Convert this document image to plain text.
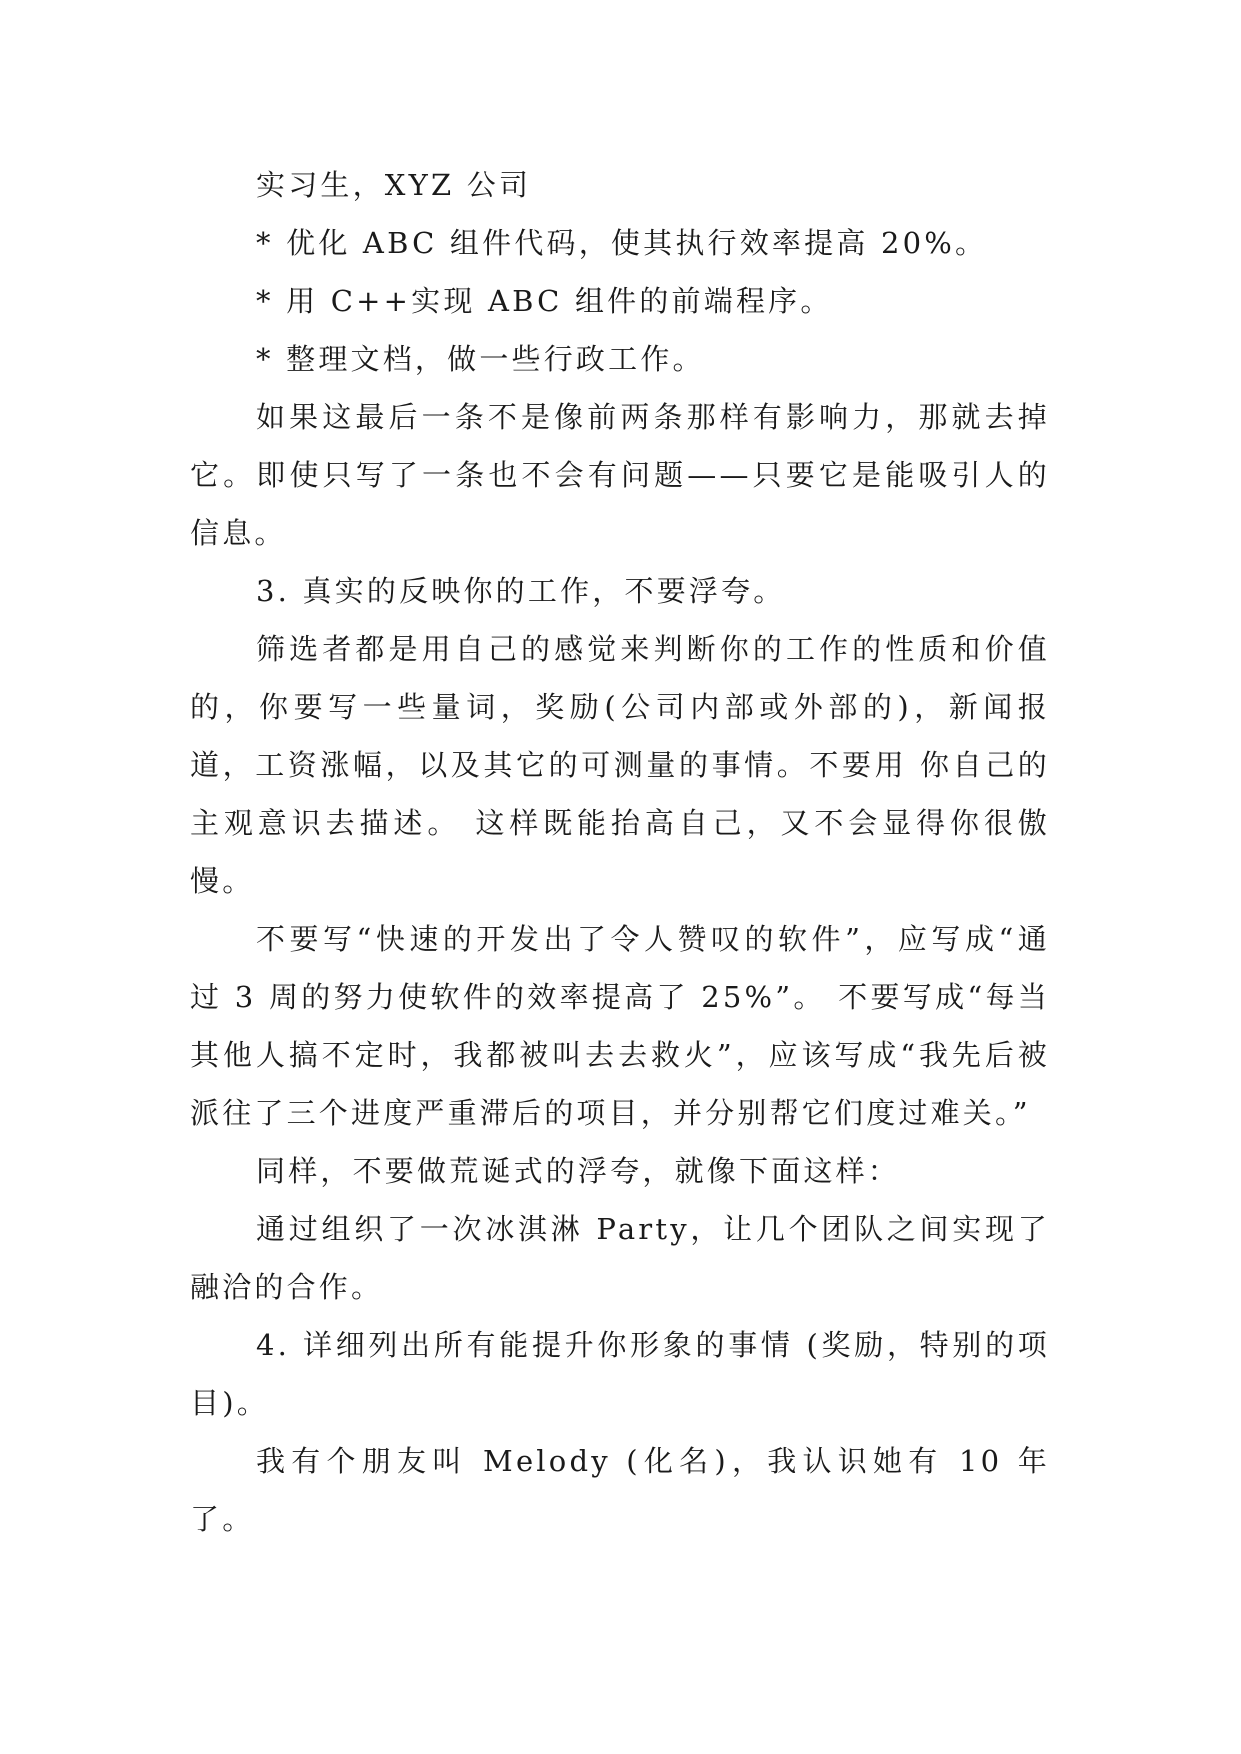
实习生，XYZ 公司

* 优化 ABC 组件代码，使其执行效率提高 20%。

* 用 C++实现 ABC 组件的前端程序。

* 整理文档，做一些行政工作。

如果这最后一条不是像前两条那样有影响力，那就去掉它。即使只写了一条也不会有问题——只要它是能吸引人的信息。

3. 真实的反映你的工作，不要浮夸。

筛选者都是用自己的感觉来判断你的工作的性质和价值的，你要写一些量词，奖励(公司内部或外部的)，新闻报道，工资涨幅，以及其它的可测量的事情。不要用 你自己的主观意识去描述。 这样既能抬高自己，又不会显得你很傲慢。

不要写“快速的开发出了令人赞叹的软件”，应写成“通过 3 周的努力使软件的效率提高了 25%”。 不要写成“每当其他人搞不定时，我都被叫去去救火”，应该写成“我先后被派往了三个进度严重滞后的项目，并分别帮它们度过难关。”

同样，不要做荒诞式的浮夸，就像下面这样：

通过组织了一次冰淇淋 Party，让几个团队之间实现了融洽的合作。

4. 详细列出所有能提升你形象的事情 (奖励，特别的项目)。

我有个朋友叫 Melody (化名)，我认识她有 10 年了。
